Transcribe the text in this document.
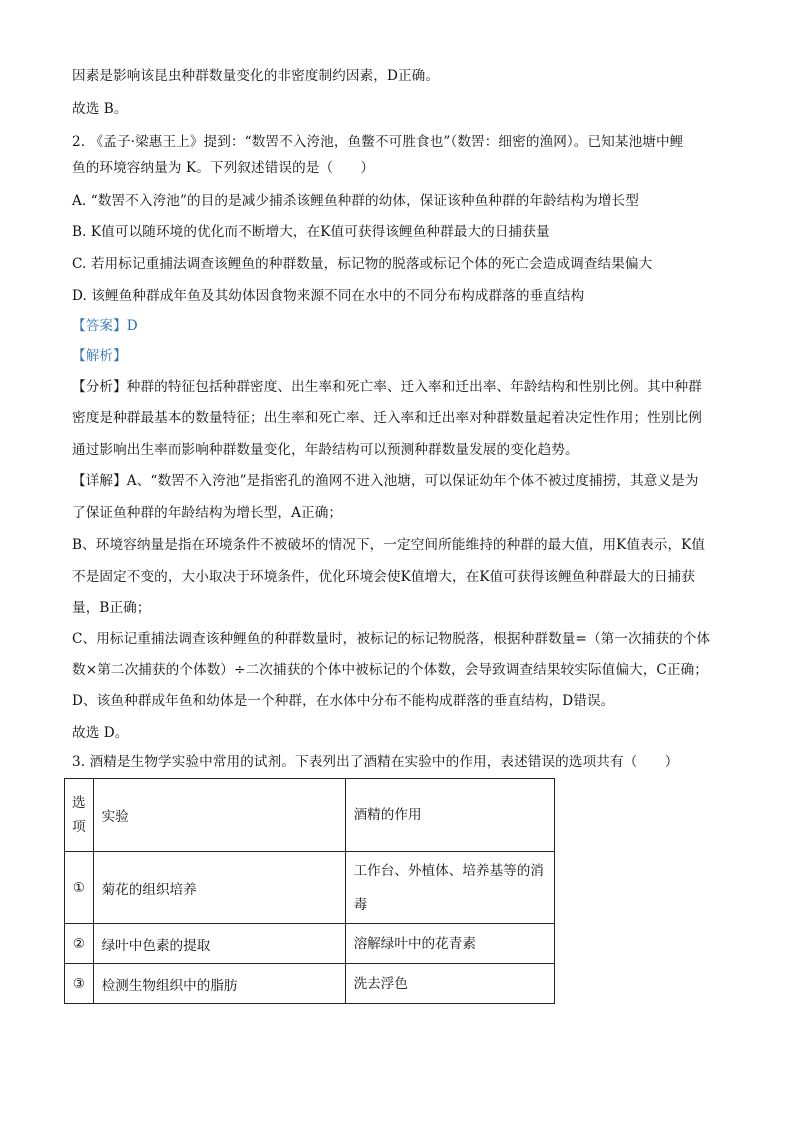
因素是影响该昆虫种群数量变化的非密度制约因素，D正确。
故选 B。
2. 《孟子·梁惠王上》提到：“数罟不入洿池，鱼鳖不可胜食也”（数罟：细密的渔网）。已知某池塘中鲤
鱼的环境容纳量为 K。下列叙述错误的是（　　）
A. “数罟不入洿池”的目的是减少捕杀该鲤鱼种群的幼体，保证该种鱼种群的年龄结构为增长型
B. K值可以随环境的优化而不断增大，在K值可获得该鲤鱼种群最大的日捕获量
C. 若用标记重捕法调查该鲤鱼的种群数量，标记物的脱落或标记个体的死亡会造成调查结果偏大
D. 该鲤鱼种群成年鱼及其幼体因食物来源不同在水中的不同分布构成群落的垂直结构
【答案】D
【解析】
【分析】种群的特征包括种群密度、出生率和死亡率、迁入率和迁出率、年龄结构和性别比例。其中种群
密度是种群最基本的数量特征；出生率和死亡率、迁入率和迁出率对种群数量起着决定性作用；性别比例
通过影响出生率而影响种群数量变化，年龄结构可以预测种群数量发展的变化趋势。
【详解】A、“数罟不入洿池”是指密孔的渔网不进入池塘，可以保证幼年个体不被过度捕捞，其意义是为
了保证鱼种群的年龄结构为增长型，A正确；
B、环境容纳量是指在环境条件不被破坏的情况下，一定空间所能维持的种群的最大值，用K值表示，K值
不是固定不变的，大小取决于环境条件，优化环境会使K值增大，在K值可获得该鲤鱼种群最大的日捕获
量，B正确；
C、用标记重捕法调查该种鲤鱼的种群数量时，被标记的标记物脱落，根据种群数量=（第一次捕获的个体
数×第二次捕获的个体数）÷二次捕获的个体中被标记的个体数，会导致调查结果较实际值偏大，C正确；
D、该鱼种群成年鱼和幼体是一个种群，在水体中分布不能构成群落的垂直结构，D错误。
故选 D。
3. 酒精是生物学实验中常用的试剂。下表列出了酒精在实验中的作用，表述错误的选项共有（　　）
选
项	实验	酒精的作用
①	菊花的组织培养	工作台、外植体、培养基等的消
毒

②	绿叶中色素的提取	溶解绿叶中的花青素
③	检测生物组织中的脂肪	洗去浮色
